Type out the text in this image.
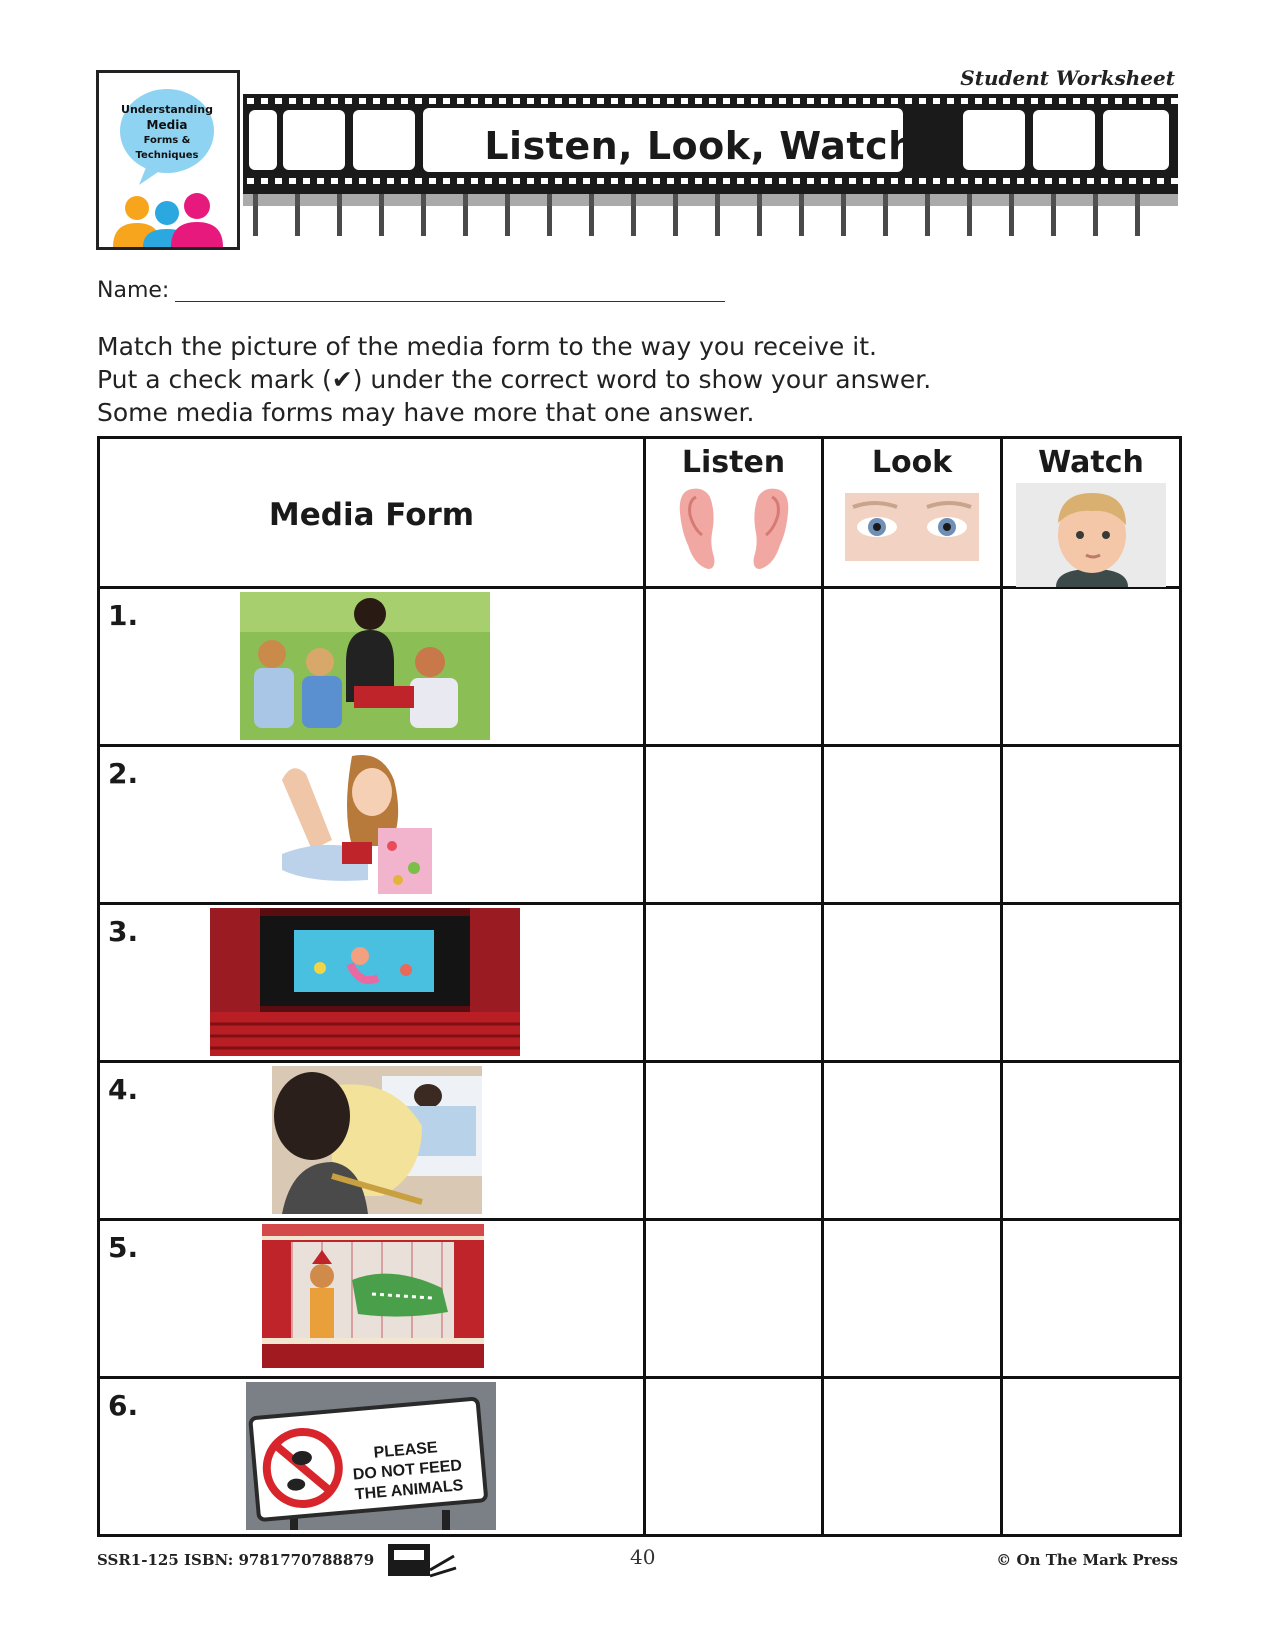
Understanding
Media
Forms &
Techniques
Student Worksheet
Listen, Look, Watch
Name:
Match the picture of the media form to the way you receive it.
Put a check mark (✔) under the correct word to show your answer.
Some media forms may have more that one answer.
Media Form	Listen	Look	Watch

1.			

2.			

3.			

4.			

5.			

6.
PLEASE
DO NOT FEED
THE ANIMALS			

SSR1-125 ISBN: 9781770788879	40	© On The Mark Press
